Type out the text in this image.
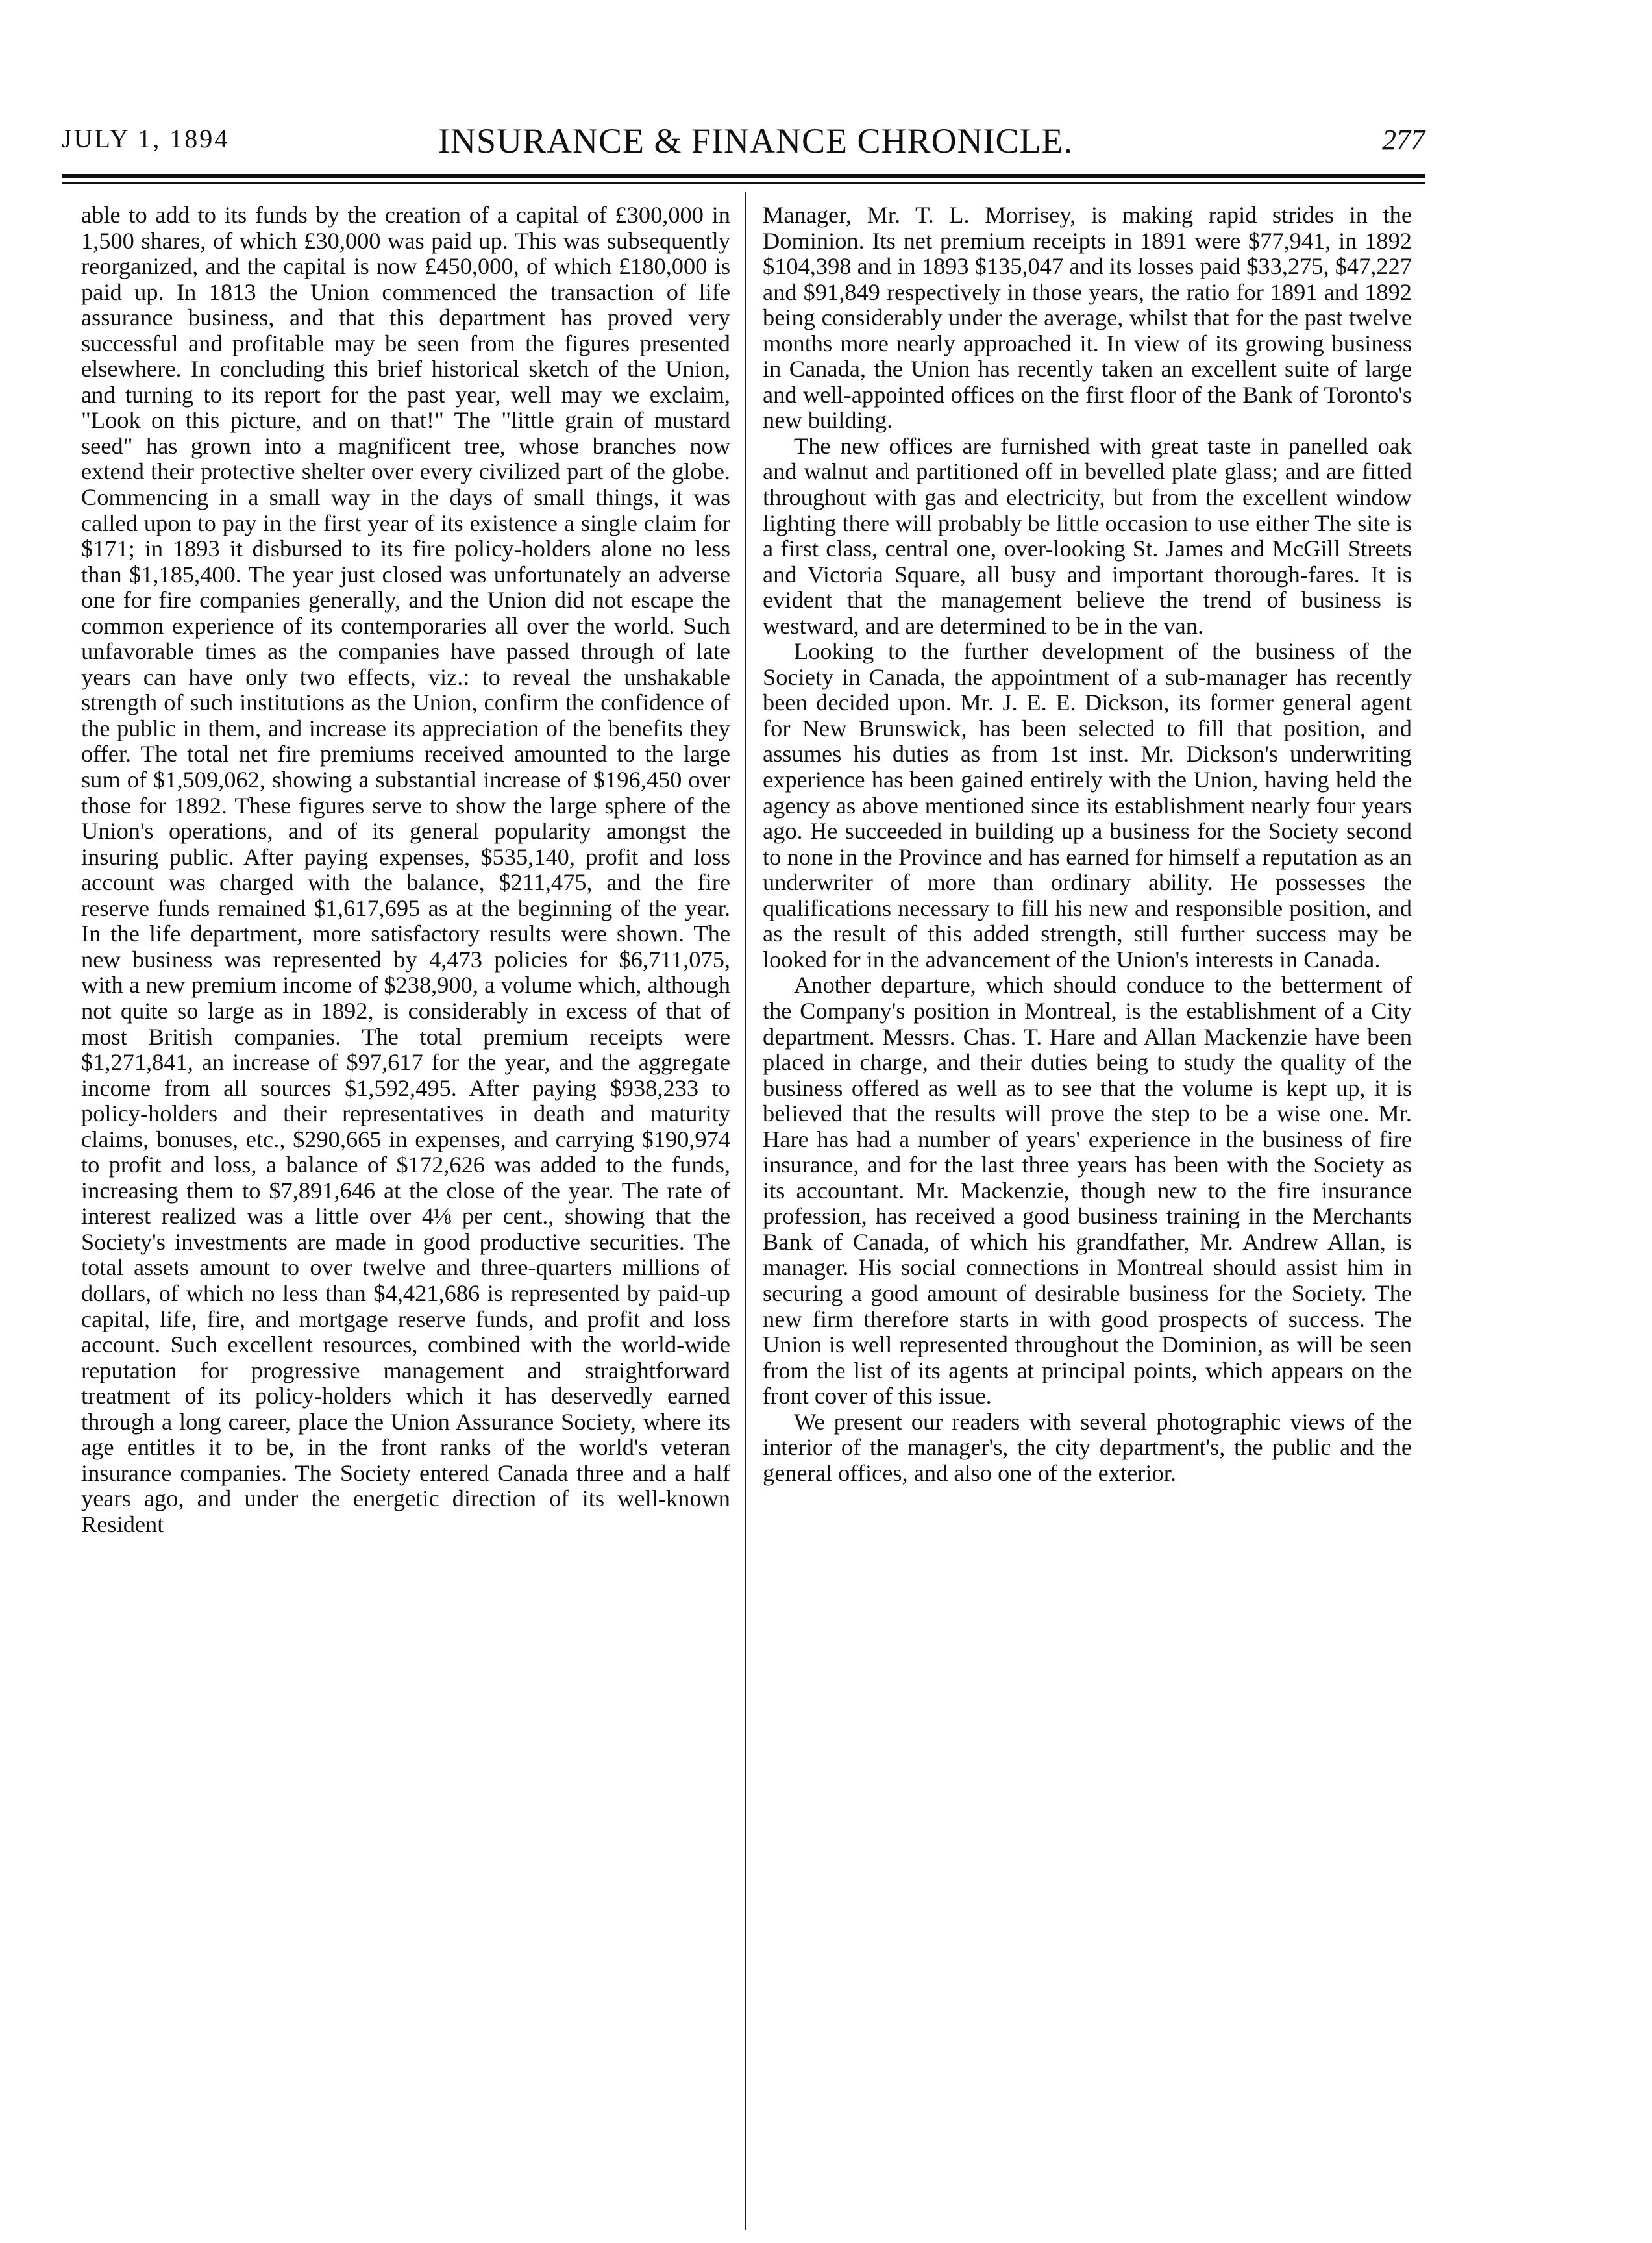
JULY 1, 1894	INSURANCE & FINANCE CHRONICLE.	277

able to add to its funds by the creation of a capital of £300,000 in 1,500 shares, of which £30,000 was paid up. This was subsequently reorganized, and the capital is now £450,000, of which £180,000 is paid up. In 1813 the Union commenced the transaction of life assurance business, and that this department has proved very successful and profitable may be seen from the figures presented elsewhere. In concluding this brief historical sketch of the Union, and turning to its report for the past year, well may we exclaim, "Look on this picture, and on that!" The "little grain of mustard seed" has grown into a magnificent tree, whose branches now extend their protective shelter over every civilized part of the globe. Commencing in a small way in the days of small things, it was called upon to pay in the first year of its existence a single claim for $171; in 1893 it disbursed to its fire policy-holders alone no less than $1,185,400. The year just closed was unfortunately an adverse one for fire companies generally, and the Union did not escape the common experience of its contemporaries all over the world. Such unfavorable times as the companies have passed through of late years can have only two effects, viz.: to reveal the unshakable strength of such institutions as the Union, confirm the confidence of the public in them, and increase its appreciation of the benefits they offer. The total net fire premiums received amounted to the large sum of $1,509,062, showing a substantial increase of $196,450 over those for 1892. These figures serve to show the large sphere of the Union's operations, and of its general popularity amongst the insuring public. After paying expenses, $535,140, profit and loss account was charged with the balance, $211,475, and the fire reserve funds remained $1,617,695 as at the beginning of the year. In the life department, more satisfactory results were shown. The new business was represented by 4,473 policies for $6,711,075, with a new premium income of $238,900, a volume which, although not quite so large as in 1892, is considerably in excess of that of most British companies. The total premium receipts were $1,271,841, an increase of $97,617 for the year, and the aggregate income from all sources $1,592,495. After paying $938,233 to policy-holders and their representatives in death and maturity claims, bonuses, etc., $290,665 in expenses, and carrying $190,974 to profit and loss, a balance of $172,626 was added to the funds, increasing them to $7,891,646 at the close of the year. The rate of interest realized was a little over 4⅛ per cent., showing that the Society's investments are made in good productive securities. The total assets amount to over twelve and three-quarters millions of dollars, of which no less than $4,421,686 is represented by paid-up capital, life, fire, and mortgage reserve funds, and profit and loss account. Such excellent resources, combined with the world-wide reputation for progressive management and straightforward treatment of its policy-holders which it has deservedly earned through a long career, place the Union Assurance Society, where its age entitles it to be, in the front ranks of the world's veteran insurance companies. The Society entered Canada three and a half years ago, and under the energetic direction of its well-known Resident

Manager, Mr. T. L. Morrisey, is making rapid strides in the Dominion. Its net premium receipts in 1891 were $77,941, in 1892 $104,398 and in 1893 $135,047 and its losses paid $33,275, $47,227 and $91,849 respectively in those years, the ratio for 1891 and 1892 being considerably under the average, whilst that for the past twelve months more nearly approached it. In view of its growing business in Canada, the Union has recently taken an excellent suite of large and well-appointed offices on the first floor of the Bank of Toronto's new building.

The new offices are furnished with great taste in panelled oak and walnut and partitioned off in bevelled plate glass; and are fitted throughout with gas and electricity, but from the excellent window lighting there will probably be little occasion to use either The site is a first class, central one, over-looking St. James and McGill Streets and Victoria Square, all busy and important thorough-fares. It is evident that the management believe the trend of business is westward, and are determined to be in the van.

Looking to the further development of the business of the Society in Canada, the appointment of a sub-manager has recently been decided upon. Mr. J. E. E. Dickson, its former general agent for New Brunswick, has been selected to fill that position, and assumes his duties as from 1st inst. Mr. Dickson's underwriting experience has been gained entirely with the Union, having held the agency as above mentioned since its establishment nearly four years ago. He succeeded in building up a business for the Society second to none in the Province and has earned for himself a reputation as an underwriter of more than ordinary ability. He possesses the qualifications necessary to fill his new and responsible position, and as the result of this added strength, still further success may be looked for in the advancement of the Union's interests in Canada.

Another departure, which should conduce to the betterment of the Company's position in Montreal, is the establishment of a City department. Messrs. Chas. T. Hare and Allan Mackenzie have been placed in charge, and their duties being to study the quality of the business offered as well as to see that the volume is kept up, it is believed that the results will prove the step to be a wise one. Mr. Hare has had a number of years' experience in the business of fire insurance, and for the last three years has been with the Society as its accountant. Mr. Mackenzie, though new to the fire insurance profession, has received a good business training in the Merchants Bank of Canada, of which his grandfather, Mr. Andrew Allan, is manager. His social connections in Montreal should assist him in securing a good amount of desirable business for the Society. The new firm therefore starts in with good prospects of success. The Union is well represented throughout the Dominion, as will be seen from the list of its agents at principal points, which appears on the front cover of this issue.

We present our readers with several photographic views of the interior of the manager's, the city department's, the public and the general offices, and also one of the exterior.
